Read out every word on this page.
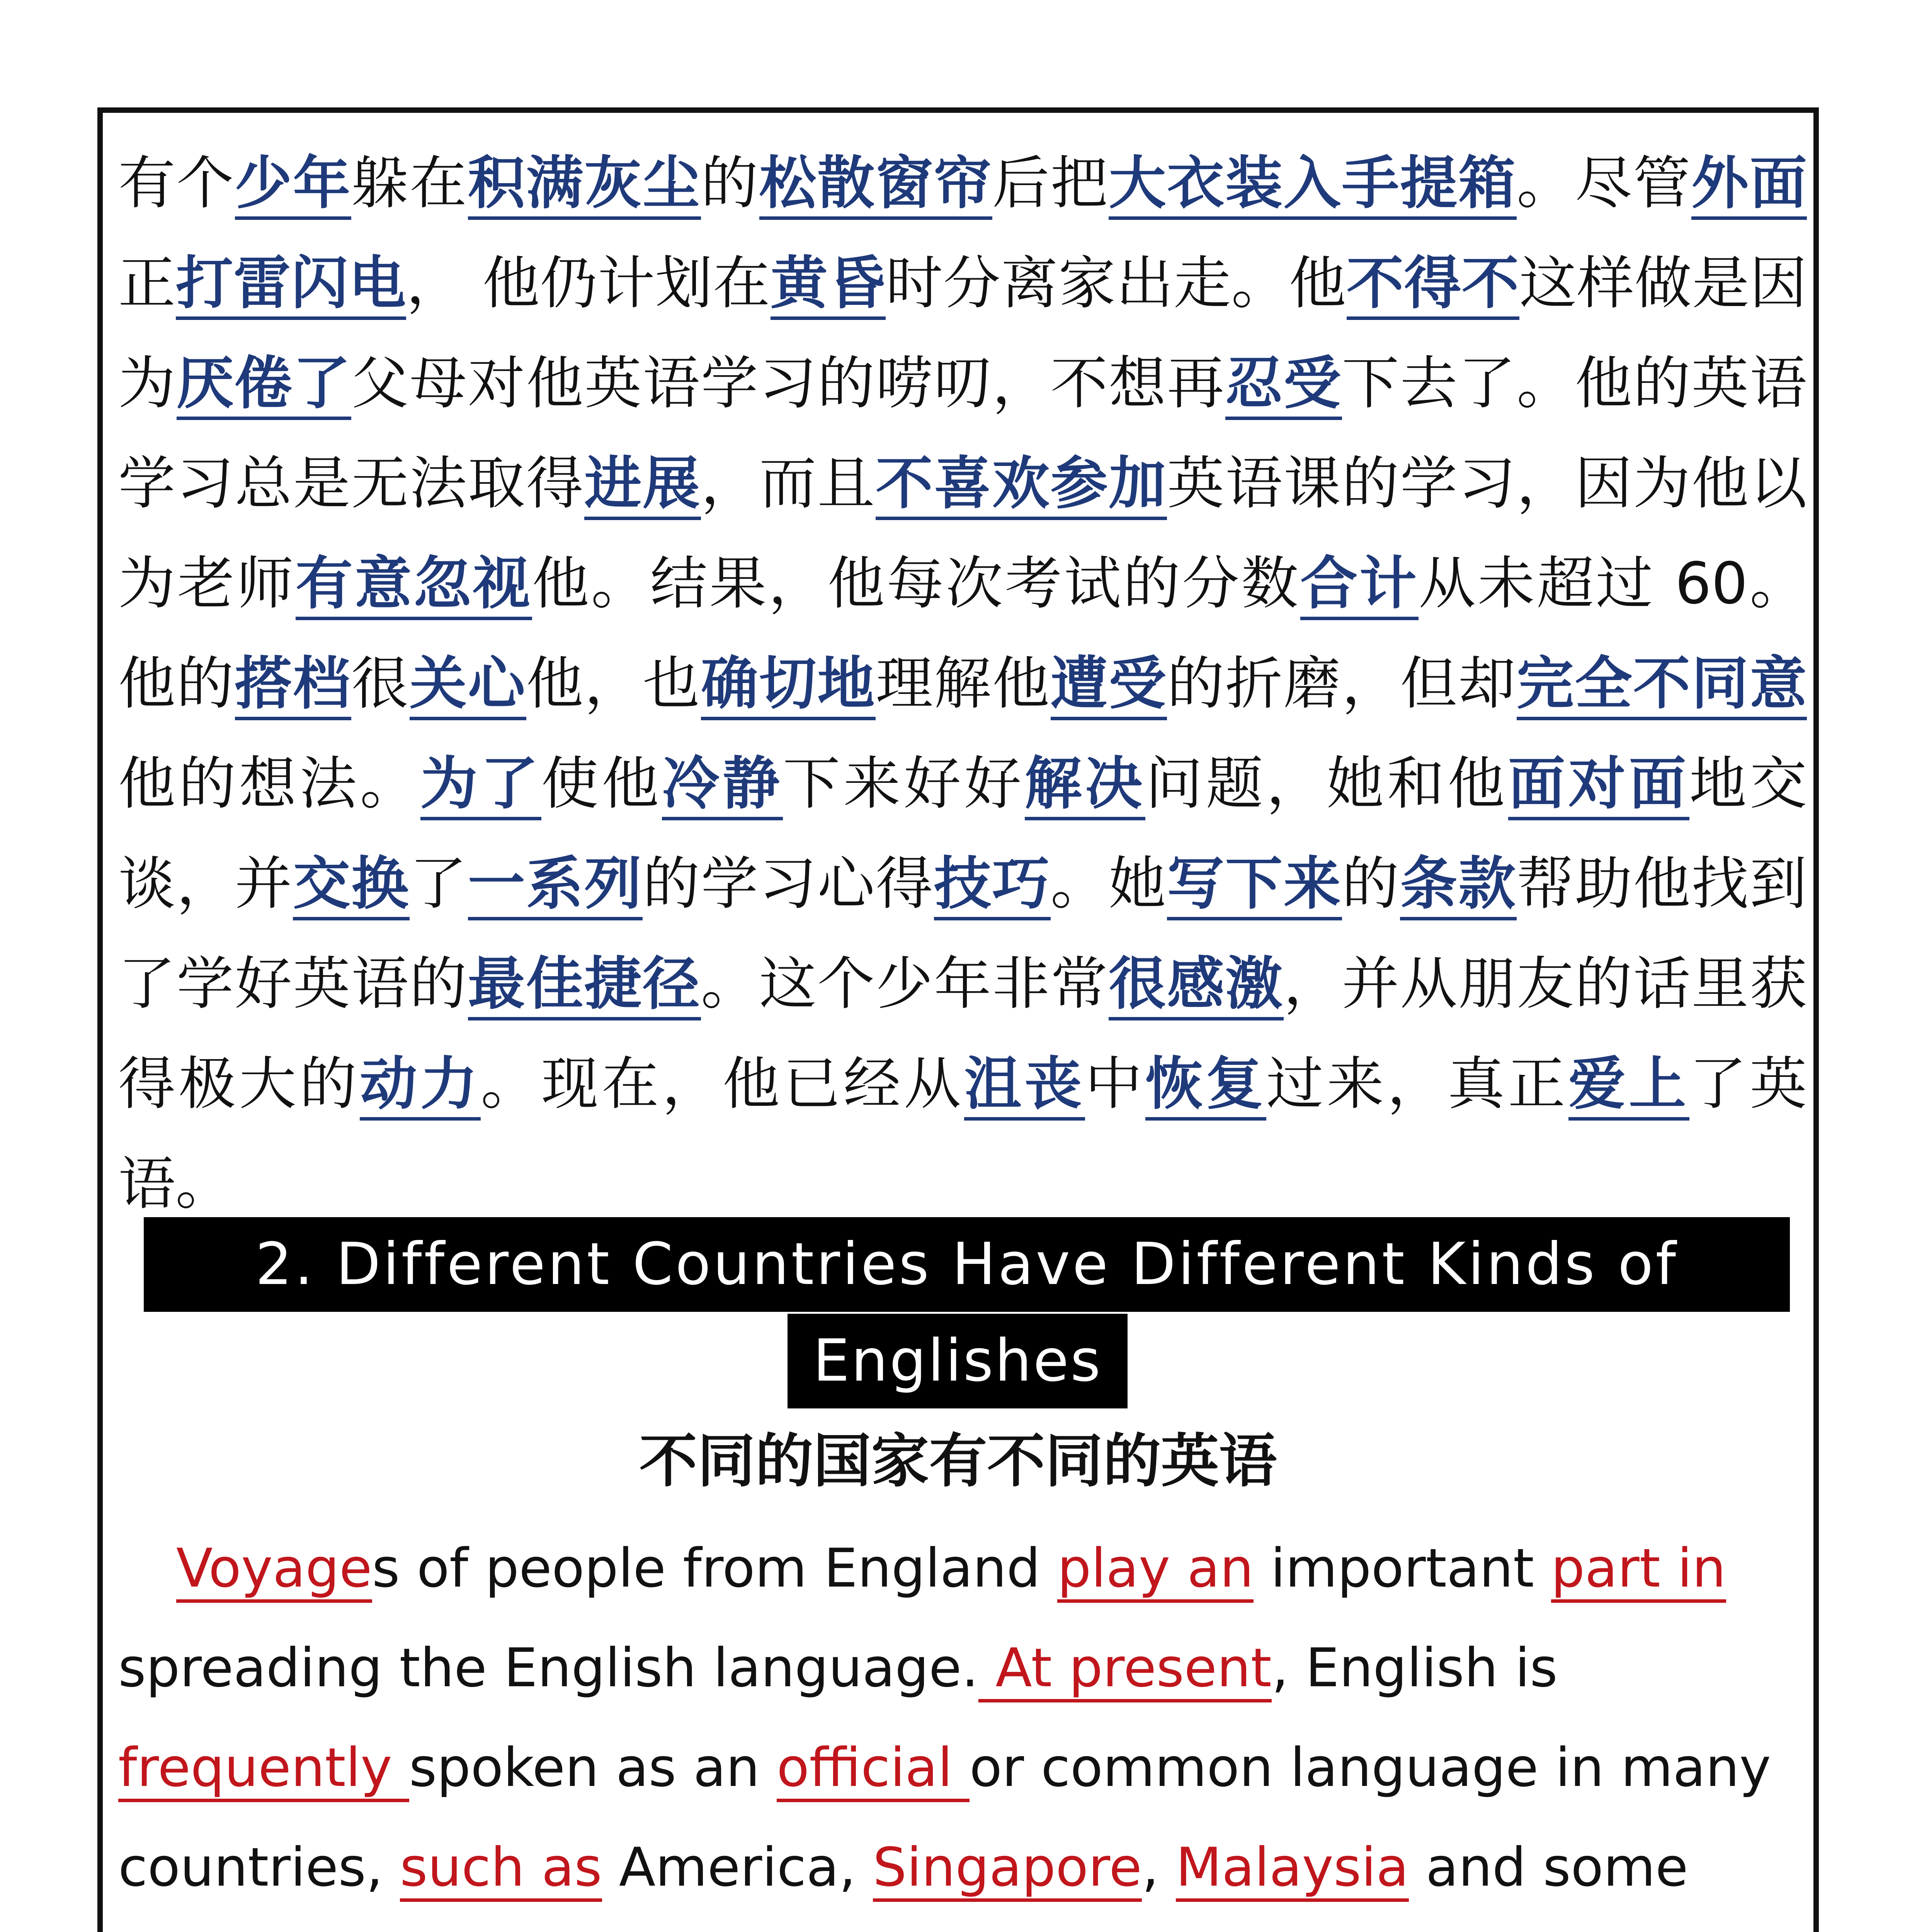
有个少年躲在积满灰尘的松散窗帘后把大衣装入手提箱。尽管外面正打雷闪电， 他仍计划在黄昏时分离家出走。他不得不这样做是因为厌倦了父母对他英语学习的唠叨，不想再忍受下去了。他的英语学习总是无法取得进展，而且不喜欢参加英语课的学习，因为他以为老师有意忽视他。结果，他每次考试的分数合计从未超过 60。他的搭档很关心他，也确切地理解他遭受的折磨，但却完全不同意他的想法。为了使他冷静下来好好解决问题，她和他面对面地交谈，并交换了一系列的学习心得技巧。她写下来的条款帮助他找到了学好英语的最佳捷径。这个少年非常很感激，并从朋友的话里获得极大的动力。现在，他已经从沮丧中恢复过来，真正爱上了英语。

2. Different Countries Have Different Kinds of
Englishes
不同的国家有不同的英语

Voyages of people from England play an important part in spreading the English language. At present, English is frequently spoken as an official or common language in many countries, such as America, Singapore, Malaysia and some
